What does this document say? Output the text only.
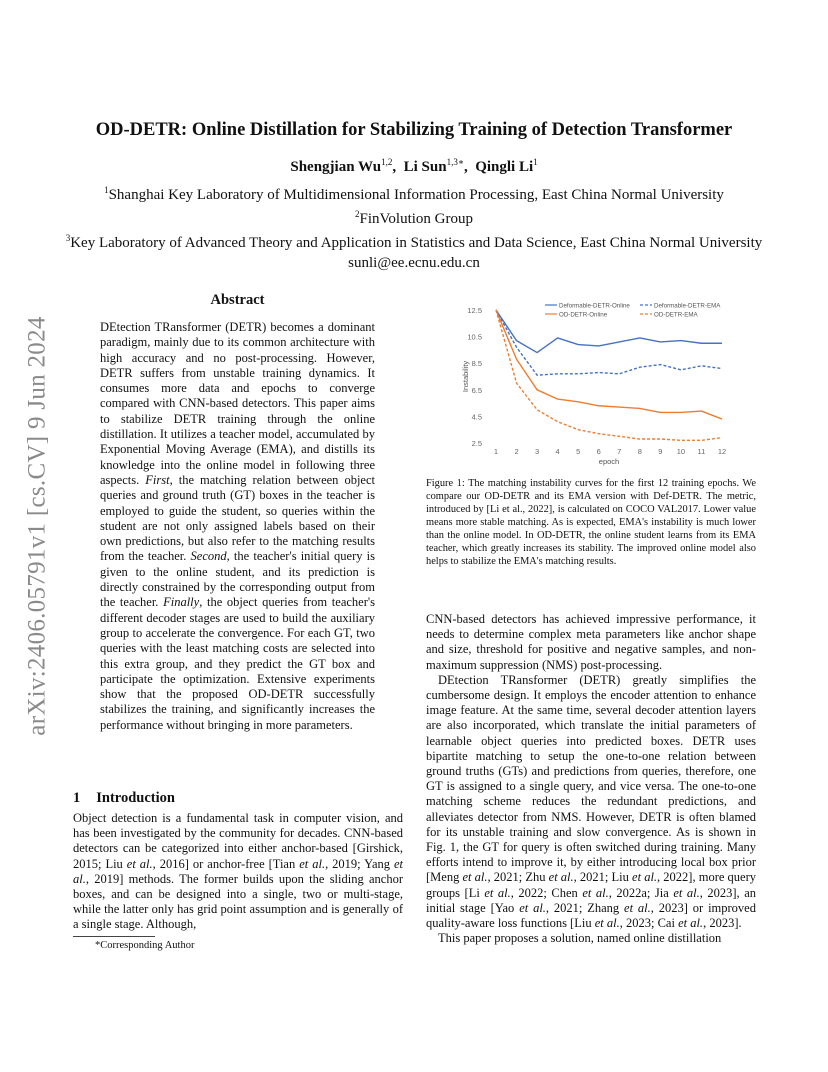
arXiv:2406.05791v1 [cs.CV] 9 Jun 2024
OD-DETR: Online Distillation for Stabilizing Training of Detection Transformer
Shengjian Wu$^{1,2}$,  Li Sun$^{1,3∗}$,  Qingli Li$^1$
$^1$Shanghai Key Laboratory of Multidimensional Information Processing, East China Normal University
$^2$FinVolution Group
$^3$Key Laboratory of Advanced Theory and Application in Statistics and Data Science, East China Normal University
sunli@ee.ecnu.edu.cn
Abstract
DEtection TRansformer (DETR) becomes a dominant paradigm, mainly due to its common architecture with high accuracy and no post-processing. However, DETR suffers from unstable training dynamics. It consumes more data and epochs to converge compared with CNN-based detectors. This paper aims to stabilize DETR training through the online distillation. It utilizes a teacher model, accumulated by Exponential Moving Average (EMA), and distills its knowledge into the online model in following three aspects. First, the matching relation between object queries and ground truth (GT) boxes in the teacher is employed to guide the student, so queries within the student are not only assigned labels based on their own predictions, but also refer to the matching results from the teacher. Second, the teacher's initial query is given to the online student, and its prediction is directly constrained by the corresponding output from the teacher. Finally, the object queries from teacher's different decoder stages are used to build the auxiliary group to accelerate the convergence. For each GT, two queries with the least matching costs are selected into this extra group, and they predict the GT box and participate the optimization. Extensive experiments show that the proposed OD-DETR successfully stabilizes the training, and significantly increases the performance without bringing in more parameters.
1 Introduction
Object detection is a fundamental task in computer vision, and has been investigated by the community for decades. CNN-based detectors can be categorized into either anchor-based [Girshick, 2015; Liu et al., 2016] or anchor-free [Tian et al., 2019; Yang et al., 2019] methods. The former builds upon the sliding anchor boxes, and can be designed into a single, two or multi-stage, while the latter only has grid point assumption and is generally of a single stage. Although,
*Corresponding Author
2.5
4.5
6.5
8.5
10.5
12.5
1 2 3 4 5 6 7 8 9 10 11 12
epoch
Instability
Deformable-DETR-Online	Deformable-DETR-EMA
OD-DETR-Online	OD-DETR-EMA
Figure 1: The matching instability curves for the first 12 training epochs. We compare our OD-DETR and its EMA version with Def-DETR. The metric, introduced by [Li et al., 2022], is calculated on COCO VAL2017. Lower value means more stable matching. As is expected, EMA's instability is much lower than the online model. In OD-DETR, the online student learns from its EMA teacher, which greatly increases its stability. The improved online model also helps to stabilize the EMA's matching results.

CNN-based detectors has achieved impressive performance, it needs to determine complex meta parameters like anchor shape and size, threshold for positive and negative samples, and non-maximum suppression (NMS) post-processing.

DEtection TRansformer (DETR) greatly simplifies the cumbersome design. It employs the encoder attention to enhance image feature. At the same time, several decoder attention layers are also incorporated, which translate the initial parameters of learnable object queries into predicted boxes. DETR uses bipartite matching to setup the one-to-one relation between ground truths (GTs) and predictions from queries, therefore, one GT is assigned to a single query, and vice versa. The one-to-one matching scheme reduces the redundant predictions, and alleviates detector from NMS. However, DETR is often blamed for its unstable training and slow convergence. As is shown in Fig. 1, the GT for query is often switched during training. Many efforts intend to improve it, by either introducing local box prior [Meng et al., 2021; Zhu et al., 2021; Liu et al., 2022], more query groups [Li et al., 2022; Chen et al., 2022a; Jia et al., 2023], an initial stage [Yao et al., 2021; Zhang et al., 2023] or improved quality-aware loss functions [Liu et al., 2023; Cai et al., 2023].

This paper proposes a solution, named online distillation
